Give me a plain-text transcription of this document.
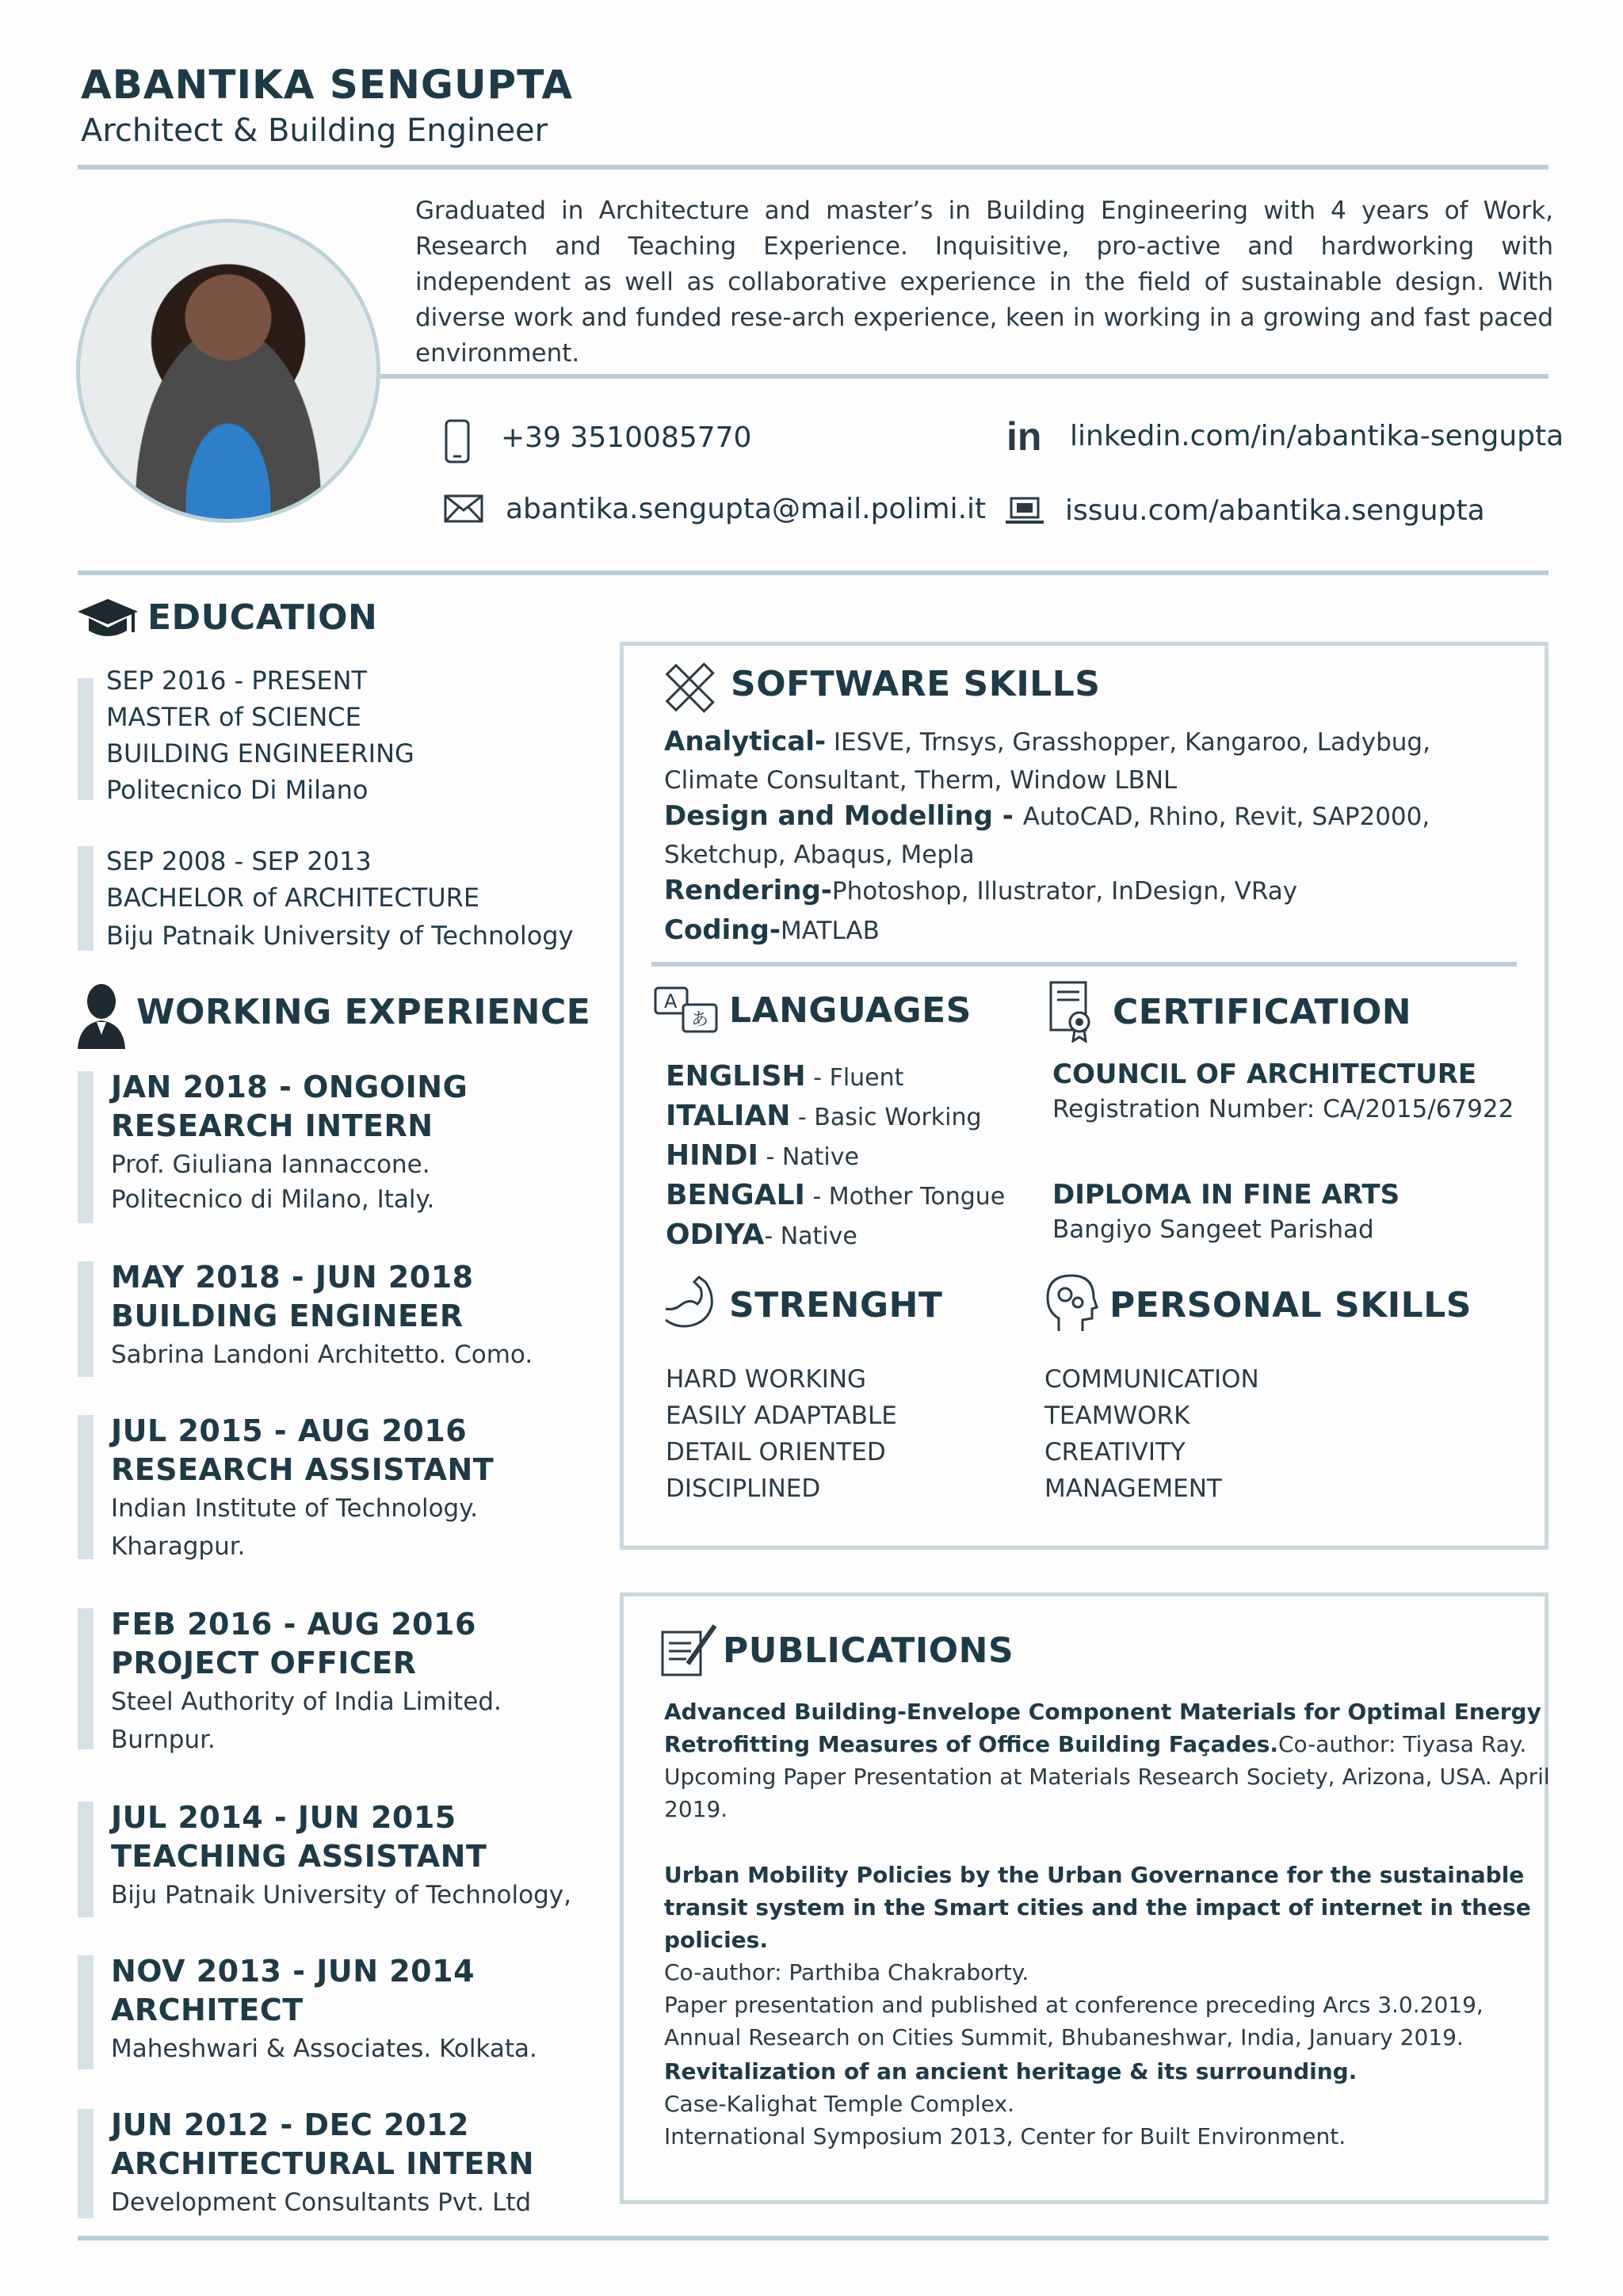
ABANTIKA SENGUPTA
Architect & Building Engineer
Graduated in Architecture and master’s in Building Engineering with 4 years of Work, Research and Teaching Experience. Inquisitive, pro-active and hardworking with independent as well as collaborative experience in the field of sustainable design. With diverse work and funded rese-arch experience, keen in working in a growing and fast paced environment.
+39 3510085770
abantika.sengupta@mail.polimi.it
in linkedin.com/in/abantika-sengupta
issuu.com/abantika.sengupta
EDUCATION
SEP 2016 - PRESENT
MASTER of SCIENCE
BUILDING ENGINEERING
Politecnico Di Milano
SEP 2008 - SEP 2013
BACHELOR of ARCHITECTURE
Biju Patnaik University of Technology
WORKING EXPERIENCE
JAN 2018 - ONGOING
RESEARCH INTERN
Prof. Giuliana Iannaccone.
Politecnico di Milano, Italy.
MAY 2018 - JUN 2018
BUILDING ENGINEER
Sabrina Landoni Architetto. Como.
JUL 2015 - AUG 2016
RESEARCH ASSISTANT
Indian Institute of Technology.
Kharagpur.
FEB 2016 - AUG 2016
PROJECT OFFICER
Steel Authority of India Limited.
Burnpur.
JUL 2014 - JUN 2015
TEACHING ASSISTANT
Biju Patnaik University of Technology,
NOV 2013 - JUN 2014
ARCHITECT
Maheshwari & Associates. Kolkata.
JUN 2012 - DEC 2012
ARCHITECTURAL INTERN
Development Consultants Pvt. Ltd
SOFTWARE SKILLS
Analytical- IESVE, Trnsys, Grasshopper, Kangaroo, Ladybug, Climate Consultant, Therm, Window LBNL
Design and Modelling - AutoCAD, Rhino, Revit, SAP2000, Sketchup, Abaqus, Mepla
Rendering-Photoshop, Illustrator, InDesign, VRay
Coding-MATLAB
A
あ LANGUAGES
ENGLISH - Fluent
ITALIAN - Basic Working
HINDI - Native
BENGALI - Mother Tongue
ODIYA- Native
CERTIFICATION
COUNCIL OF ARCHITECTURE
Registration Number: CA/2015/67922
DIPLOMA IN FINE ARTS
Bangiyo Sangeet Parishad
STRENGHT
HARD WORKING
EASILY ADAPTABLE
DETAIL ORIENTED
DISCIPLINED
PERSONAL SKILLS
COMMUNICATION
TEAMWORK
CREATIVITY
MANAGEMENT
PUBLICATIONS
Advanced Building-Envelope Component Materials for Optimal Energy Retrofitting Measures of Office Building Façades.Co-author: Tiyasa Ray.
Upcoming Paper Presentation at Materials Research Society, Arizona, USA. April 2019.
Urban Mobility Policies by the Urban Governance for the sustainable transit system in the Smart cities and the impact of internet in these policies.
Co-author: Parthiba Chakraborty.
Paper presentation and published at conference preceding Arcs 3.0.2019, Annual Research on Cities Summit, Bhubaneshwar, India, January 2019.
Revitalization of an ancient heritage & its surrounding.
Case-Kalighat Temple Complex.
International Symposium 2013, Center for Built Environment.
